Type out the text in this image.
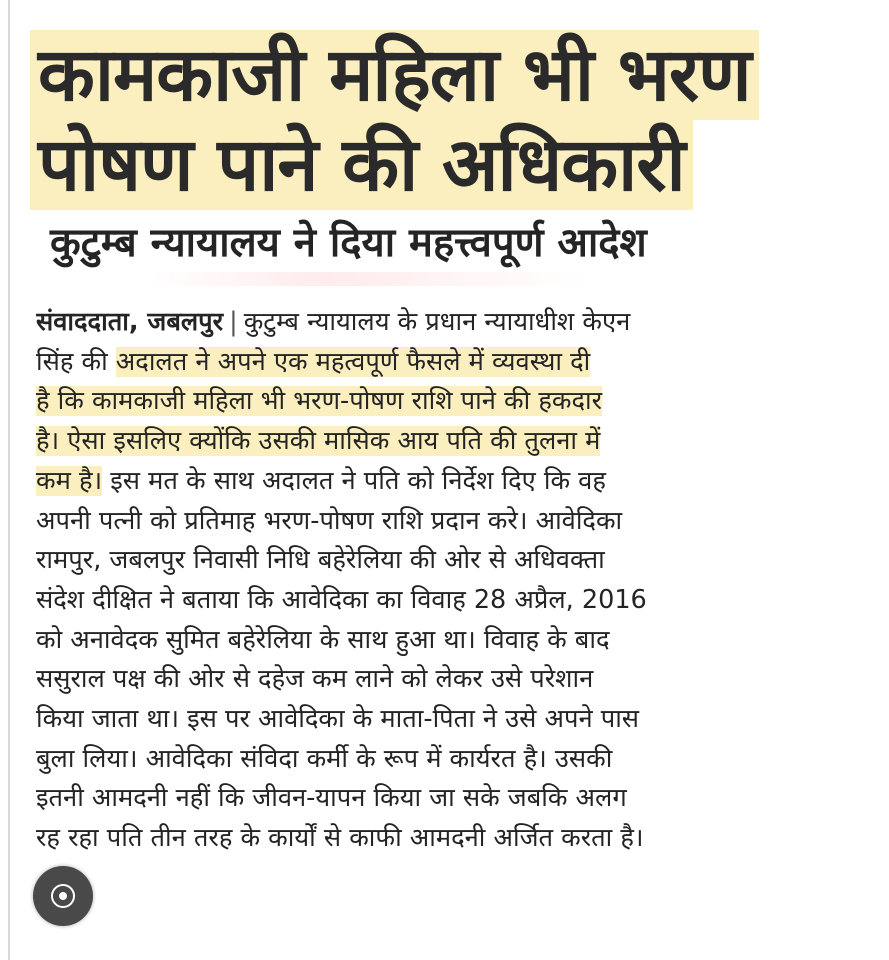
कामकाजी महिला भी भरण
पोषण पाने की अधिकारी
कुटुम्ब न्यायालय ने दिया महत्त्वपूर्ण आदेश
संवाददाता, जबलपुर | कुटुम्ब न्यायालय के प्रधान न्यायाधीश केएन
सिंह की अदालत ने अपने एक महत्वपूर्ण फैसले में व्यवस्था दी
है कि कामकाजी महिला भी भरण-पोषण राशि पाने की हकदार
है। ऐसा इसलिए क्योंकि उसकी मासिक आय पति की तुलना में
कम है। इस मत के साथ अदालत ने पति को निर्देश दिए कि वह
अपनी पत्नी को प्रतिमाह भरण-पोषण राशि प्रदान करे। आवेदिका
रामपुर, जबलपुर निवासी निधि बहेरेलिया की ओर से अधिवक्ता
संदेश दीक्षित ने बताया कि आवेदिका का विवाह 28 अप्रैल, 2016
को अनावेदक सुमित बहेरेलिया के साथ हुआ था। विवाह के बाद
ससुराल पक्ष की ओर से दहेज कम लाने को लेकर उसे परेशान
किया जाता था। इस पर आवेदिका के माता-पिता ने उसे अपने पास
बुला लिया। आवेदिका संविदा कर्मी के रूप में कार्यरत है। उसकी
इतनी आमदनी नहीं कि जीवन-यापन किया जा सके जबकि अलग
रह रहा पति तीन तरह के कार्यों से काफी आमदनी अर्जित करता है।
